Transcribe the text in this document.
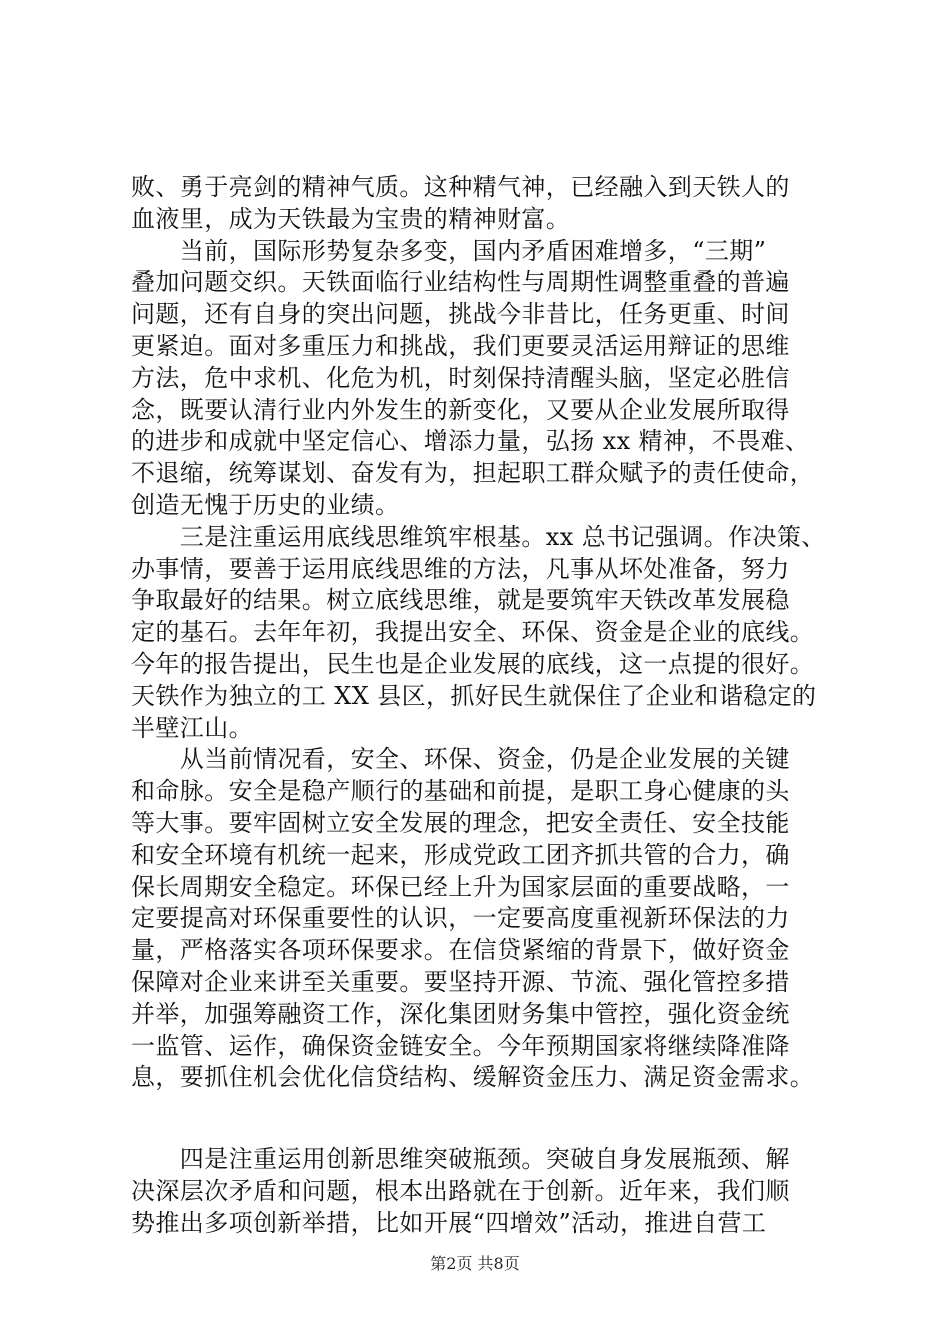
败、勇于亮剑的精神气质。这种精气神，已经融入到天铁人的
血液里，成为天铁最为宝贵的精神财富。
　　当前，国际形势复杂多变，国内矛盾困难增多，“三期”
叠加问题交织。天铁面临行业结构性与周期性调整重叠的普遍
问题，还有自身的突出问题，挑战今非昔比，任务更重、时间
更紧迫。面对多重压力和挑战，我们更要灵活运用辩证的思维
方法，危中求机、化危为机，时刻保持清醒头脑，坚定必胜信
念，既要认清行业内外发生的新变化，又要从企业发展所取得
的进步和成就中坚定信心、增添力量，弘扬 xx 精神，不畏难、
不退缩，统筹谋划、奋发有为，担起职工群众赋予的责任使命，
创造无愧于历史的业绩。
　　三是注重运用底线思维筑牢根基。xx 总书记强调。作决策、
办事情，要善于运用底线思维的方法，凡事从坏处准备，努力
争取最好的结果。树立底线思维，就是要筑牢天铁改革发展稳
定的基石。去年年初，我提出安全、环保、资金是企业的底线。
今年的报告提出，民生也是企业发展的底线，这一点提的很好。
天铁作为独立的工 XX 县区，抓好民生就保住了企业和谐稳定的
半壁江山。
　　从当前情况看，安全、环保、资金，仍是企业发展的关键
和命脉。安全是稳产顺行的基础和前提，是职工身心健康的头
等大事。要牢固树立安全发展的理念，把安全责任、安全技能
和安全环境有机统一起来，形成党政工团齐抓共管的合力，确
保长周期安全稳定。环保已经上升为国家层面的重要战略，一
定要提高对环保重要性的认识，一定要高度重视新环保法的力
量，严格落实各项环保要求。在信贷紧缩的背景下，做好资金
保障对企业来讲至关重要。要坚持开源、节流、强化管控多措
并举，加强筹融资工作，深化集团财务集中管控，强化资金统
一监管、运作，确保资金链安全。今年预期国家将继续降准降
息，要抓住机会优化信贷结构、缓解资金压力、满足资金需求。
　　四是注重运用创新思维突破瓶颈。突破自身发展瓶颈、解
决深层次矛盾和问题，根本出路就在于创新。近年来，我们顺
势推出多项创新举措，比如开展“四增效”活动，推进自营工
第2页 共8页
